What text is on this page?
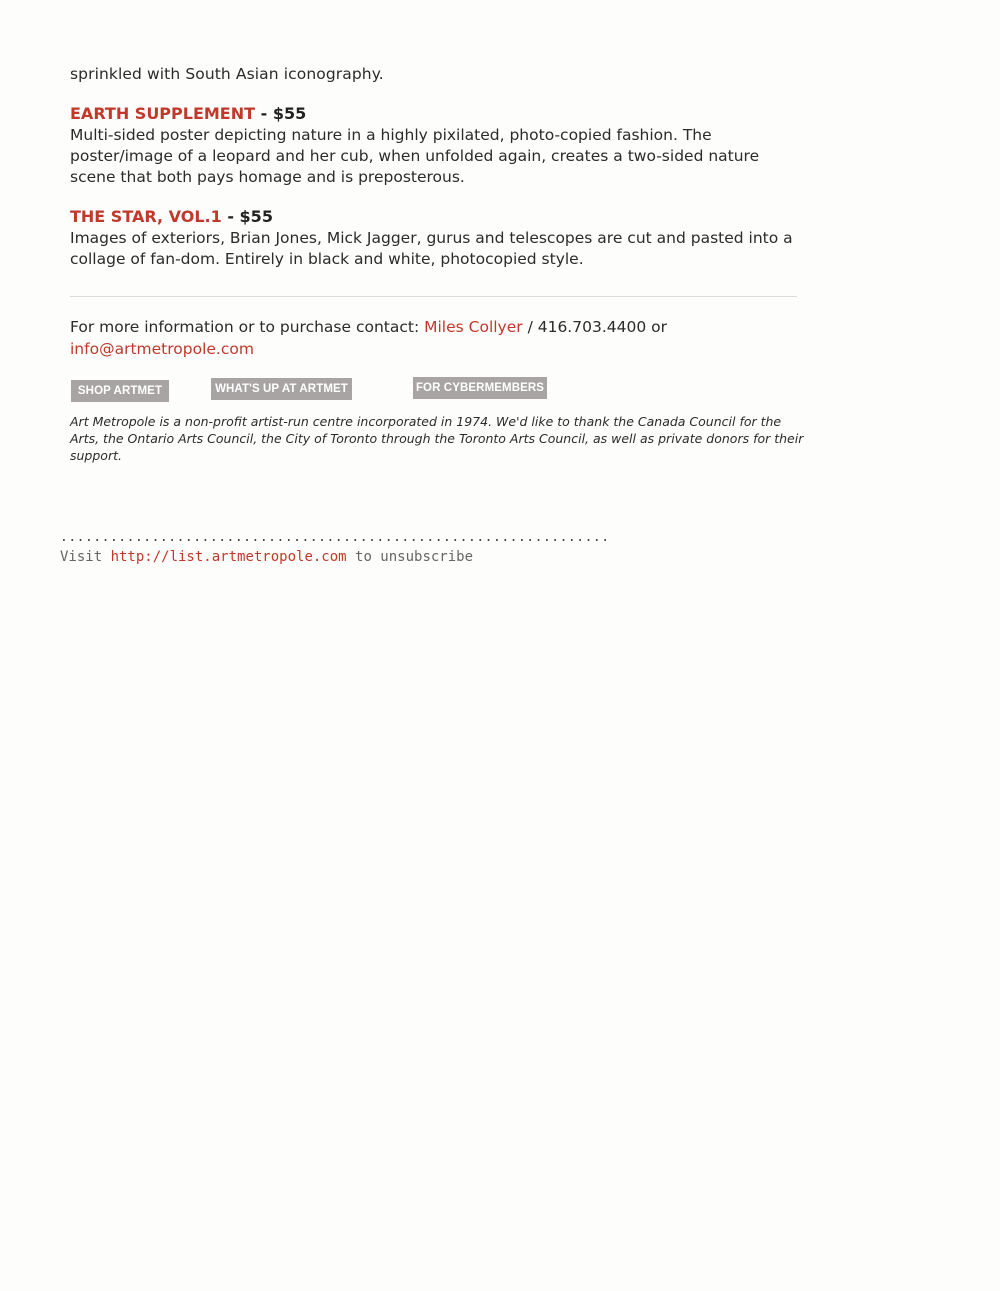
sprinkled with South Asian iconography.

EARTH SUPPLEMENT - $55

Multi-sided poster depicting nature in a highly pixilated, photo-copied fashion. The poster/image of a leopard and her cub, when unfolded again, creates a two-sided nature scene that both pays homage and is preposterous.

THE STAR, VOL.1 - $55

Images of exteriors, Brian Jones, Mick Jagger, gurus and telescopes are cut and pasted into a collage of fan-dom. Entirely in black and white, photocopied style.

For more information or to purchase contact: Miles Collyer / 416.703.4400 or
info@artmetropole.com
SHOP ARTMET	WHAT'S UP AT ARTMET	FOR CYBERMEMBERS
Art Metropole is a non-profit artist-run centre incorporated in 1974. We'd like to thank the Canada Council for the Arts, the Ontario Arts Council, the City of Toronto through the Toronto Arts Council, as well as private donors for their support.
..................................................................
Visit http://list.artmetropole.com to unsubscribe
